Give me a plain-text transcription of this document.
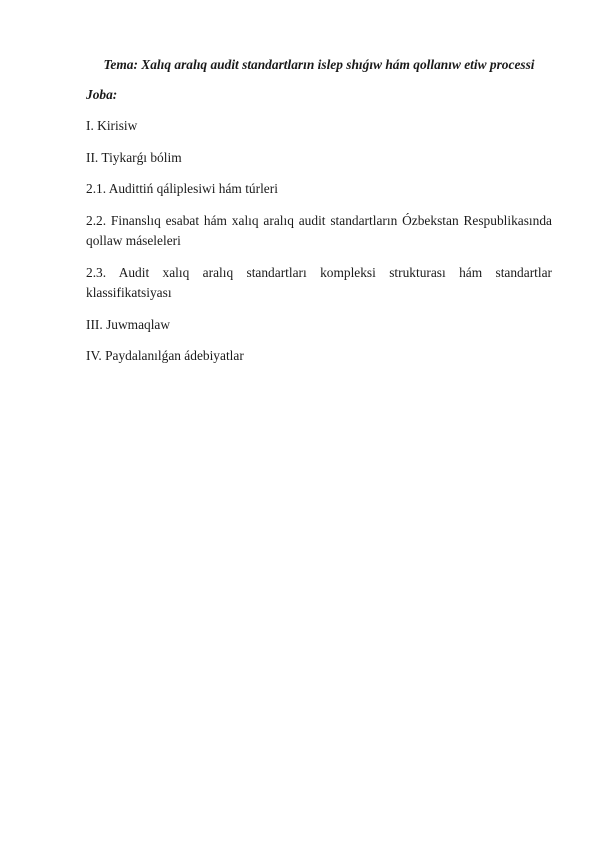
Tema: Xalıq aralıq audit standartların islep shıǵıw hám qollanıw etiw processi

Joba:

I. Kirisiw
II. Tiykarǵı bólim
2.1. Audittiń qáliplesiwi hám túrleri
2.2. Finanslıq esabat hám xalıq aralıq audit standartların Ózbekstan Respublikasında qollaw máseleleri
2.3. Audit xalıq aralıq standartları kompleksi strukturası hám standartlar klassifikatsiyası
III. Juwmaqlaw
IV. Paydalanılǵan ádebiyatlar
